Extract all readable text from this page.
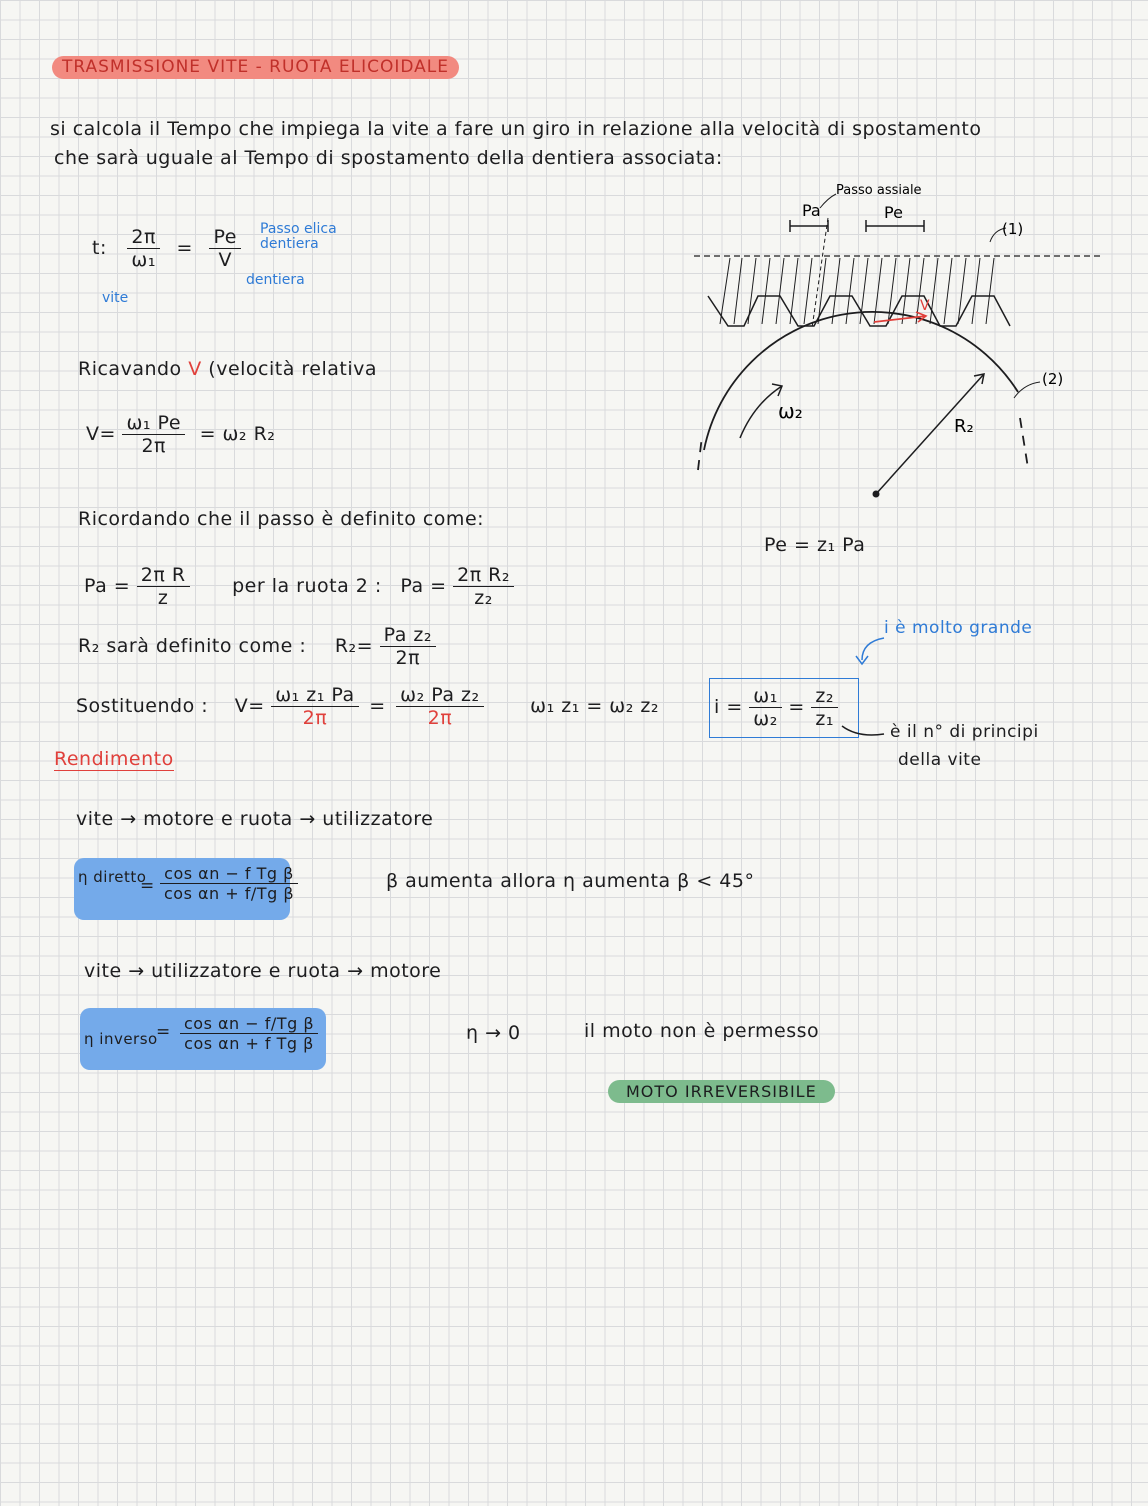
TRASMISSIONE VITE - RUOTA ELICOIDALE
si calcola il Tempo che impiega la vite a fare un giro in relazione alla velocità di spostamento
che sarà uguale al Tempo di spostamento della dentiera associata:
t: $\frac{2\pi}{\text{ω₁}} = \frac{Pe}{V}$ Passo elica dentiera
dentiera
vite
Ricavando V (velocità relativa
$V= \frac{\text{ω₁ Pe}}{2\pi} = \omega_2$ R₂
Ricordando che il passo è definito come:
$Pa = \frac{\text{2π R}}{z}$ per la ruota 2 : $Pa = \frac{\text{2π R₂}}{\text{z₂}}$
R₂ sarà definito come : $R_2= \frac{\text{Pa z₂}}{2\pi}$
Sostituendo : $V= \frac{\text{ω₁ z₁ Pa}}{2\pi} = \frac{\text{ω₂ Pa z₂}}{2\pi} \omega_1$ z₁ = ω₂ z₂	$i = \frac{\text{ω₁}}{\text{ω₂}} = \frac{\text{z₂}}{\text{z₁}}$
i è molto grande
è il n° di principi
della vite
Passo assiale
Pa	Pe
(1)
(2)
V
ω₂
R₂
Pe = z₁ Pa
Rendimento
vite → motore e ruota → utilizzatore
η diretto
= $\frac{\text{cos αn − f Tg β}}{\text{cos αn + f/Tg β}}$	β aumenta allora η aumenta β < 45°
vite → utilizzatore e ruota → motore
η inverso
= $\frac{\text{cos αn − f/Tg β}}{\text{cos αn + f Tg β}}$	η → 0	il moto non è permesso
MOTO IRREVERSIBILE
